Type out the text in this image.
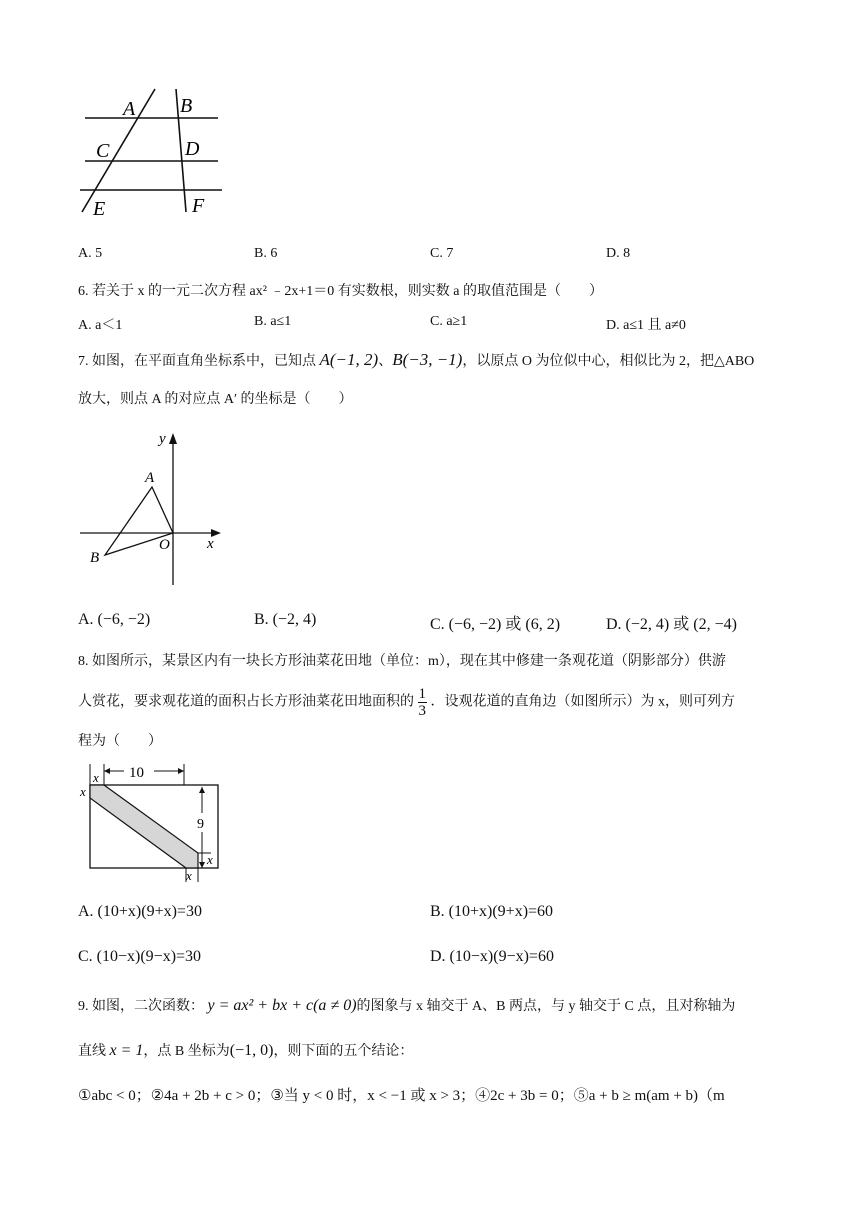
A B
C	D
E	F
A. 5	B. 6	C. 7	D. 8
6. 若关于 x 的一元二次方程 ax² ﹣2x+1＝0 有实数根，则实数 a 的取值范围是（　　）
A. a＜1	B. a≤1	C. a≥1	D. a≤1 且 a≠0
7. 如图，在平面直角坐标系中，已知点 A(−1, 2)、B(−3, −1)，以原点 O 为位似中心，相似比为 2，把△ABO
放大，则点 A 的对应点 A′ 的坐标是（　　）
y
x
A
B
O
A. (−6, −2)	B. (−2, 4)	C. (−6, −2) 或 (6, 2)	D. (−2, 4) 或 (2, −4)
8. 如图所示，某景区内有一块长方形油菜花田地（单位：m），现在其中修建一条观花道（阴影部分）供游
人赏花，要求观花道的面积占长方形油菜花田地面积的 $\frac{1}{3}$ ．设观花道的直角边（如图所示）为 x，则可列方
程为（　　）
10
9
x
x
x
x
A. (10+x)(9+x)=30	B. (10+x)(9+x)=60
C. (10−x)(9−x)=30	D. (10−x)(9−x)=60
9. 如图，二次函数： y = ax² + bx + c(a ≠ 0)的图象与 x 轴交于 A、B 两点，与 y 轴交于 C 点，且对称轴为
直线 x = 1，点 B 坐标为(−1, 0)，则下面的五个结论：
①abc < 0；②4a + 2b + c > 0；③当 y < 0 时，x < −1 或 x > 3；④2c + 3b = 0；⑤a + b ≥ m(am + b)（m
